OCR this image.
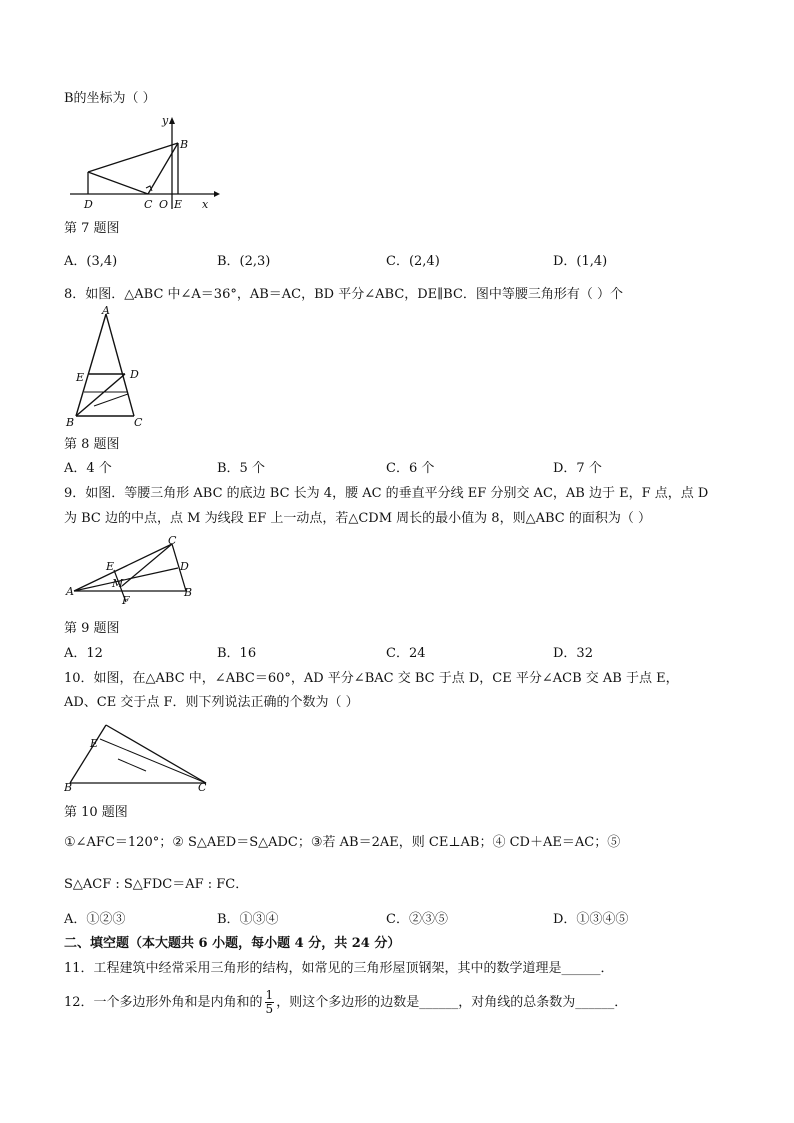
B的坐标为（ ）
y
B
D	C O E x
第 7 题图
A．(3,4)	B．(2,3)	C．(2,4)	D．(1,4)
8．如图．△ABC 中∠A＝36°，AB＝AC，BD 平分∠ABC，DE∥BC．图中等腰三角形有（ ）个
A
E	D
B	C
第 8 题图
A．4 个	B．5 个	C．6 个	D．7 个
9．如图．等腰三角形 ABC 的底边 BC 长为 4，腰 AC 的垂直平分线 EF 分别交 AC，AB 边于 E，F 点，点 D
为 BC 边的中点，点 M 为线段 EF 上一动点，若△CDM 周长的最小值为 8，则△ABC 的面积为（ ）
A
E
M
F
B
C
D
第 9 题图
A．12	B．16	C．24	D．32
10．如图，在△ABC 中，∠ABC＝60°，AD 平分∠BAC 交 BC 于点 D，CE 平分∠ACB 交 AB 于点 E，
AD、CE 交于点 F．则下列说法正确的个数为（ ）
E
B	C
第 10 题图
①∠AFC＝120°；② S△AED＝S△ADC；③若 AB＝2AE，则 CE⊥AB；④ CD＋AE＝AC；⑤
S△ACF : S△FDC＝AF : FC．
A．①②③	B．①③④	C．②③⑤	D．①③④⑤
二、填空题（本大题共 6 小题，每小题 4 分，共 24 分）
11．工程建筑中经常采用三角形的结构，如常见的三角形屋顶钢架，其中的数学道理是______．
12．一个多边形外角和是内角和的 $\frac{1}{5}$ ，则这个多边形的边数是______，对角线的总条数为______．
